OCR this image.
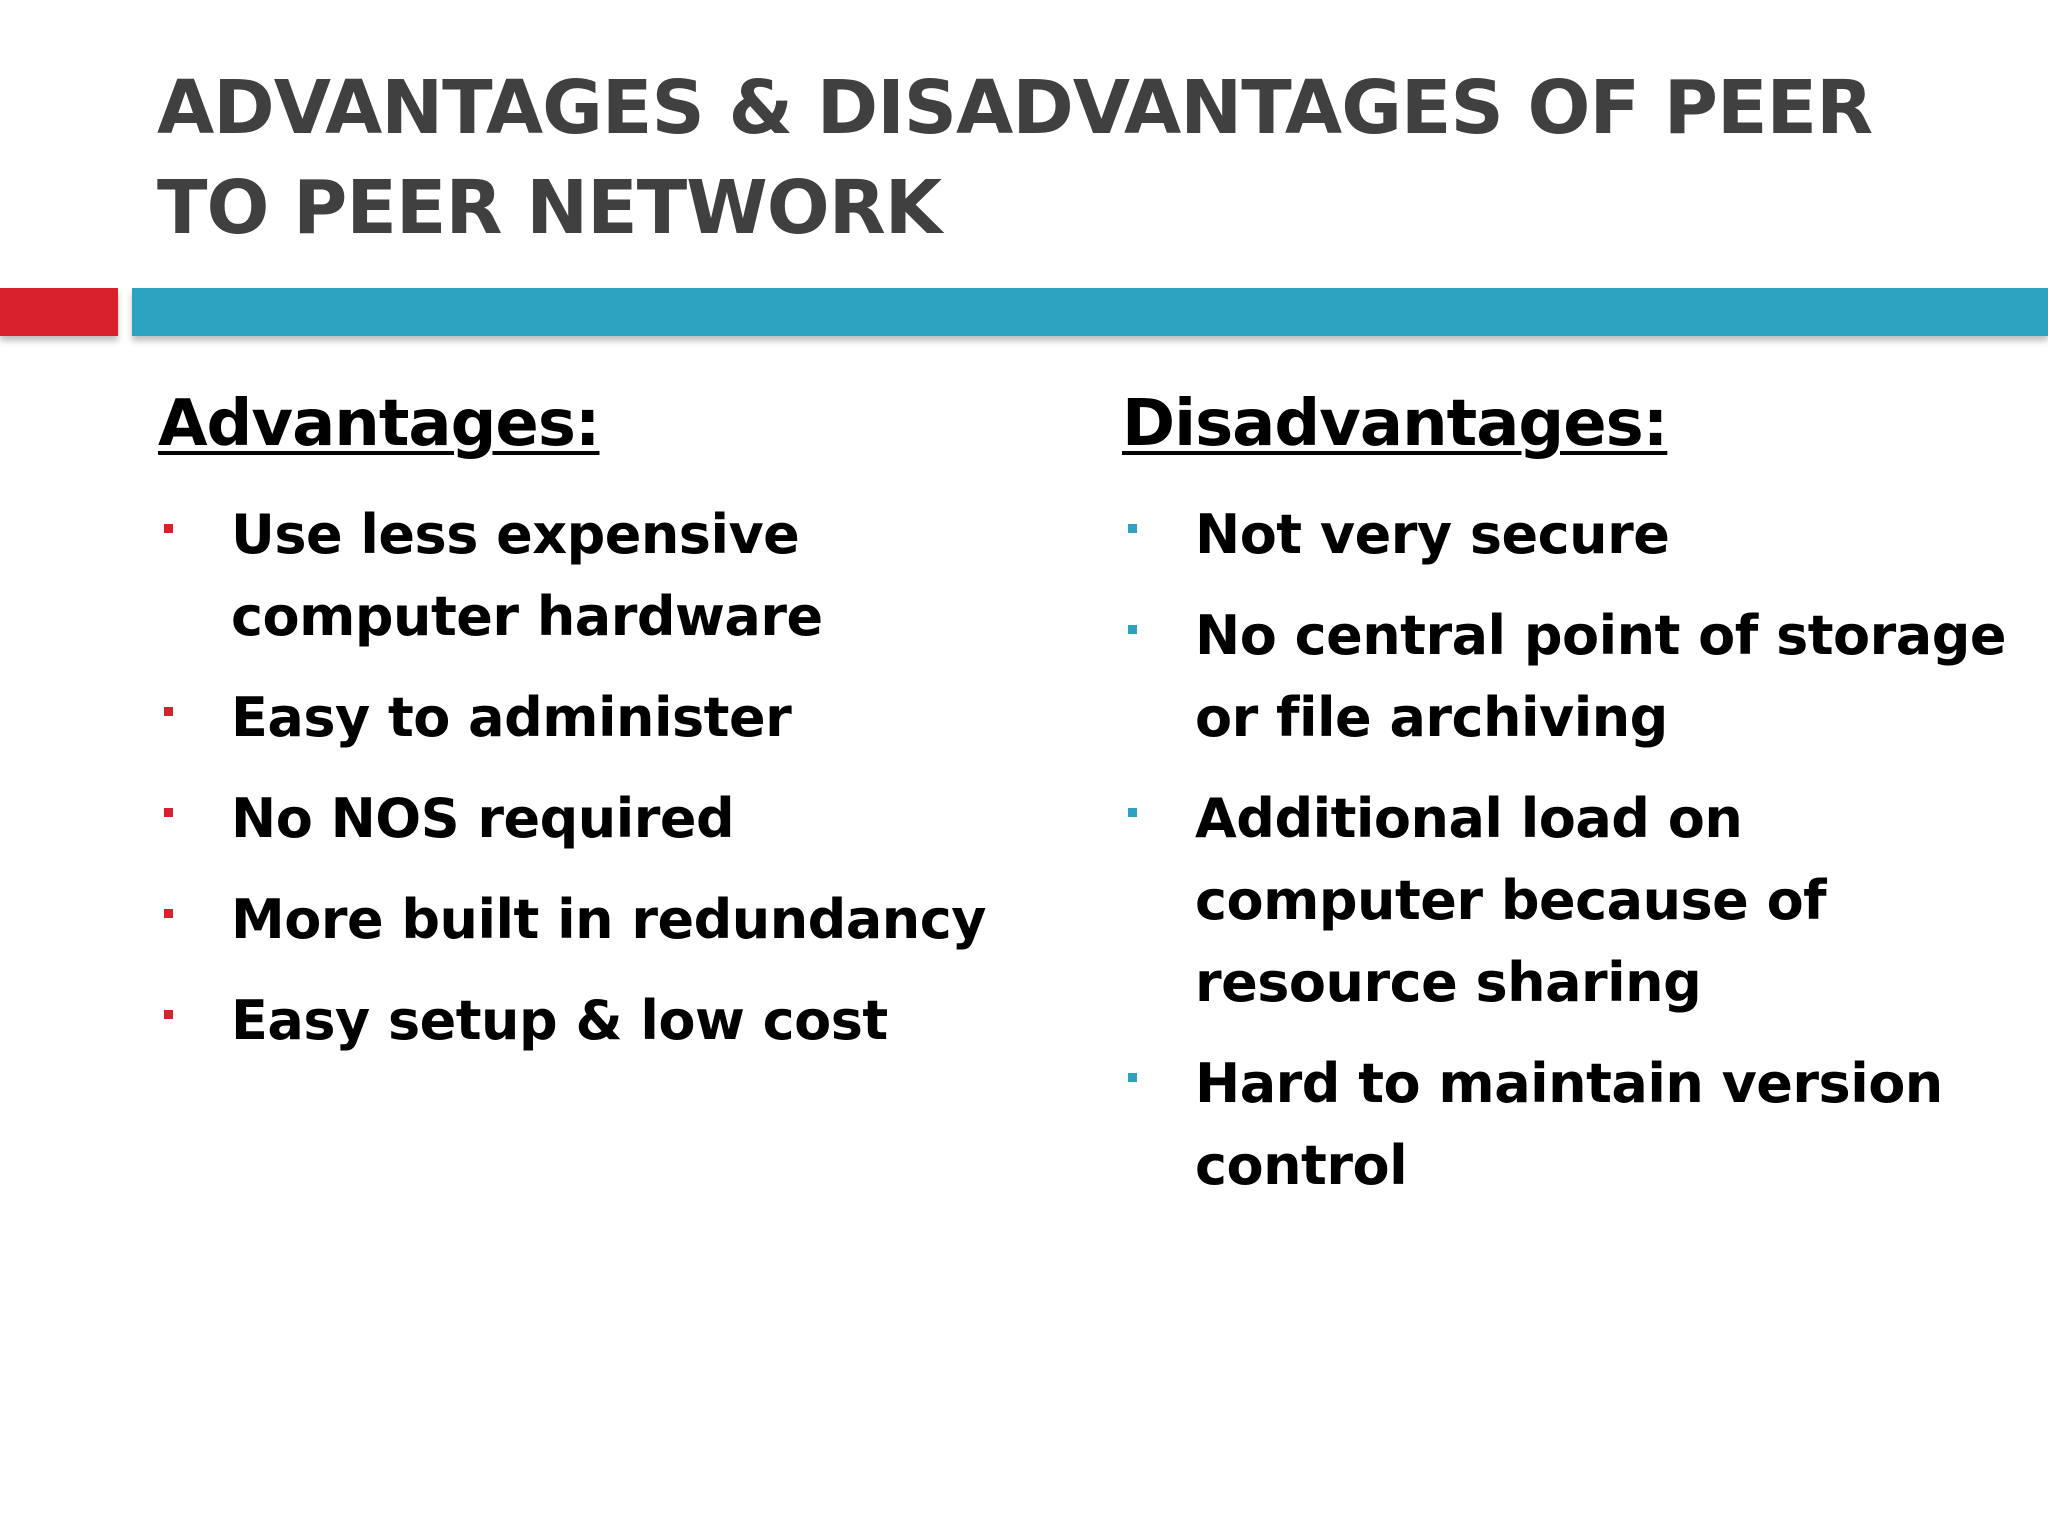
ADVANTAGES & DISADVANTAGES OF PEER TO PEER NETWORK
Advantages:
Use less expensive computer hardware
Easy to administer
No NOS required
More built in redundancy
Easy setup & low cost
Disadvantages:
Not very secure
No central point of storage or file archiving
Additional load on computer because of resource sharing
Hard to maintain version control
